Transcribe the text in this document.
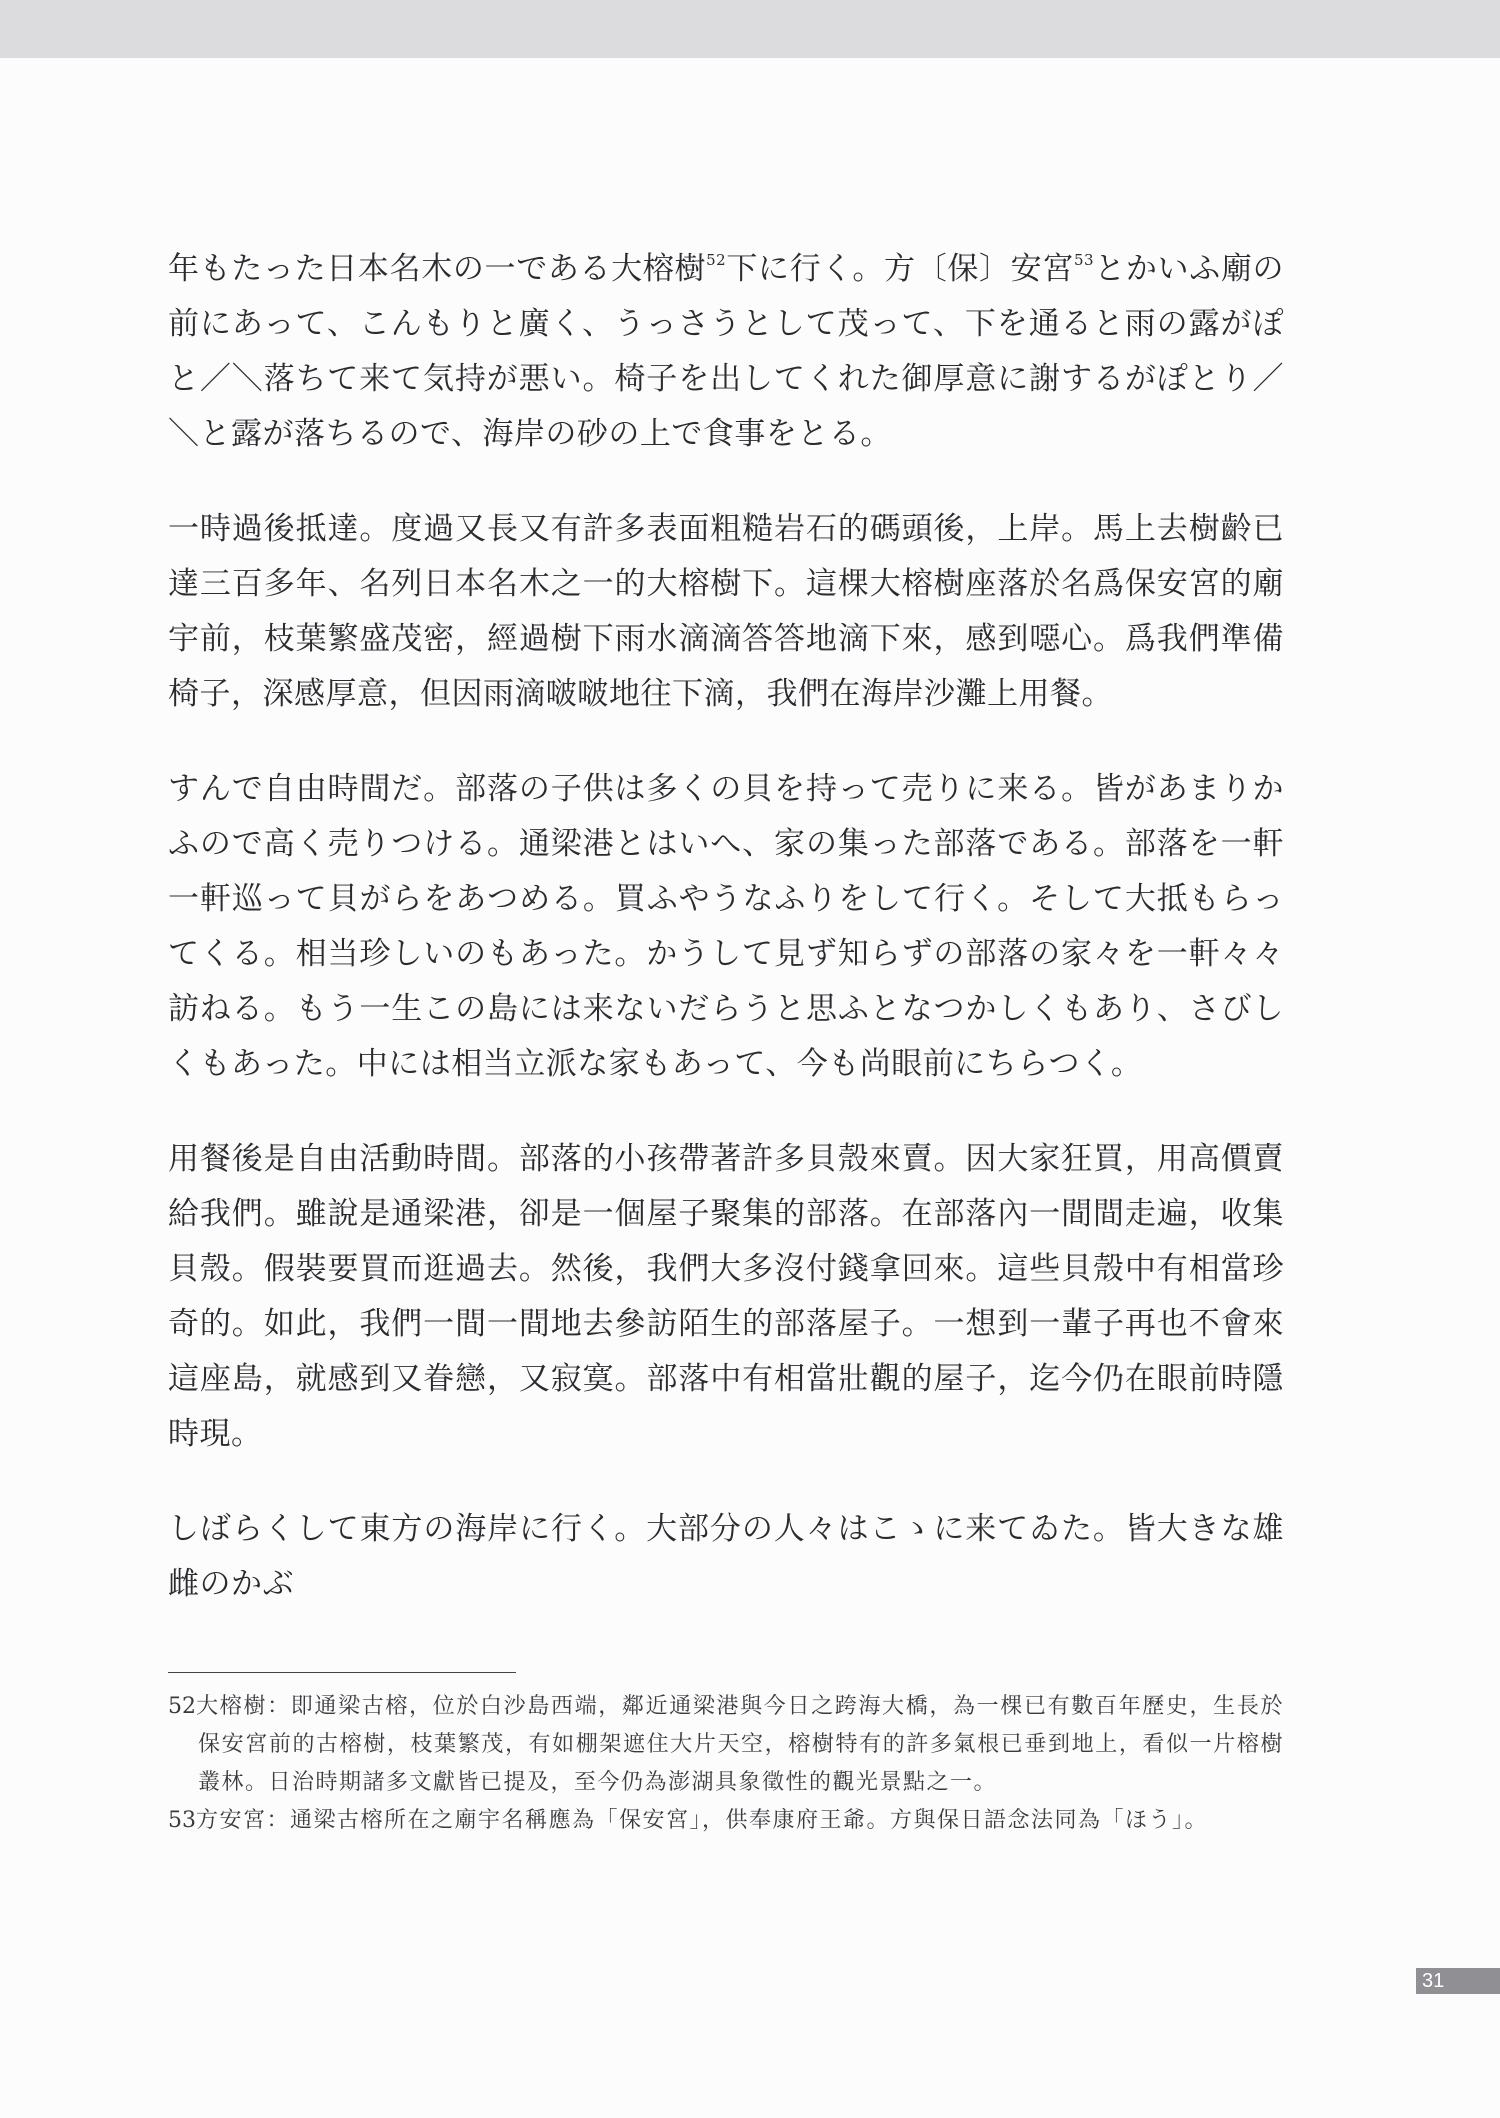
年もたった日本名木の一である大榕樹$^{52}$下に行く。方〔保〕安宮$^{53}$とかいふ廟の前にあって、こんもりと廣く、うっさうとして茂って、下を通ると雨の露がぽと／＼落ちて来て気持が悪い。椅子を出してくれた御厚意に謝するがぽとり／＼と露が落ちるので、海岸の砂の上で食事をとる。

一時過後抵達。度過又長又有許多表面粗糙岩石的碼頭後，上岸。馬上去樹齡已達三百多年、名列日本名木之一的大榕樹下。這棵大榕樹座落於名爲保安宮的廟宇前，枝葉繁盛茂密，經過樹下雨水滴滴答答地滴下來，感到噁心。爲我們準備椅子，深感厚意，但因雨滴啵啵地往下滴，我們在海岸沙灘上用餐。

すんで自由時間だ。部落の子供は多くの貝を持って売りに来る。皆があまりかふので高く売りつける。通梁港とはいへ、家の集った部落である。部落を一軒一軒巡って貝がらをあつめる。買ふやうなふりをして行く。そして大抵もらってくる。相当珍しいのもあった。かうして見ず知らずの部落の家々を一軒々々訪ねる。もう一生この島には来ないだらうと思ふとなつかしくもあり、さびしくもあった。中には相当立派な家もあって、今も尚眼前にちらつく。

用餐後是自由活動時間。部落的小孩帶著許多貝殼來賣。因大家狂買，用高價賣給我們。雖說是通梁港，卻是一個屋子聚集的部落。在部落內一間間走遍，收集貝殼。假裝要買而逛過去。然後，我們大多沒付錢拿回來。這些貝殼中有相當珍奇的。如此，我們一間一間地去參訪陌生的部落屋子。一想到一輩子再也不會來這座島，就感到又眷戀，又寂寞。部落中有相當壯觀的屋子，迄今仍在眼前時隱時現。

しばらくして東方の海岸に行く。大部分の人々はこゝに来てゐた。皆大きな雄雌のかぶ

52大榕樹：即通梁古榕，位於白沙島西端，鄰近通梁港與今日之跨海大橋，為一棵已有數百年歷史，生長於保安宮前的古榕樹，枝葉繁茂，有如棚架遮住大片天空，榕樹特有的許多氣根已垂到地上，看似一片榕樹叢林。日治時期諸多文獻皆已提及，至今仍為澎湖具象徵性的觀光景點之一。

53方安宮：通梁古榕所在之廟宇名稱應為「保安宮」，供奉康府王爺。方與保日語念法同為「ほう」。

31
